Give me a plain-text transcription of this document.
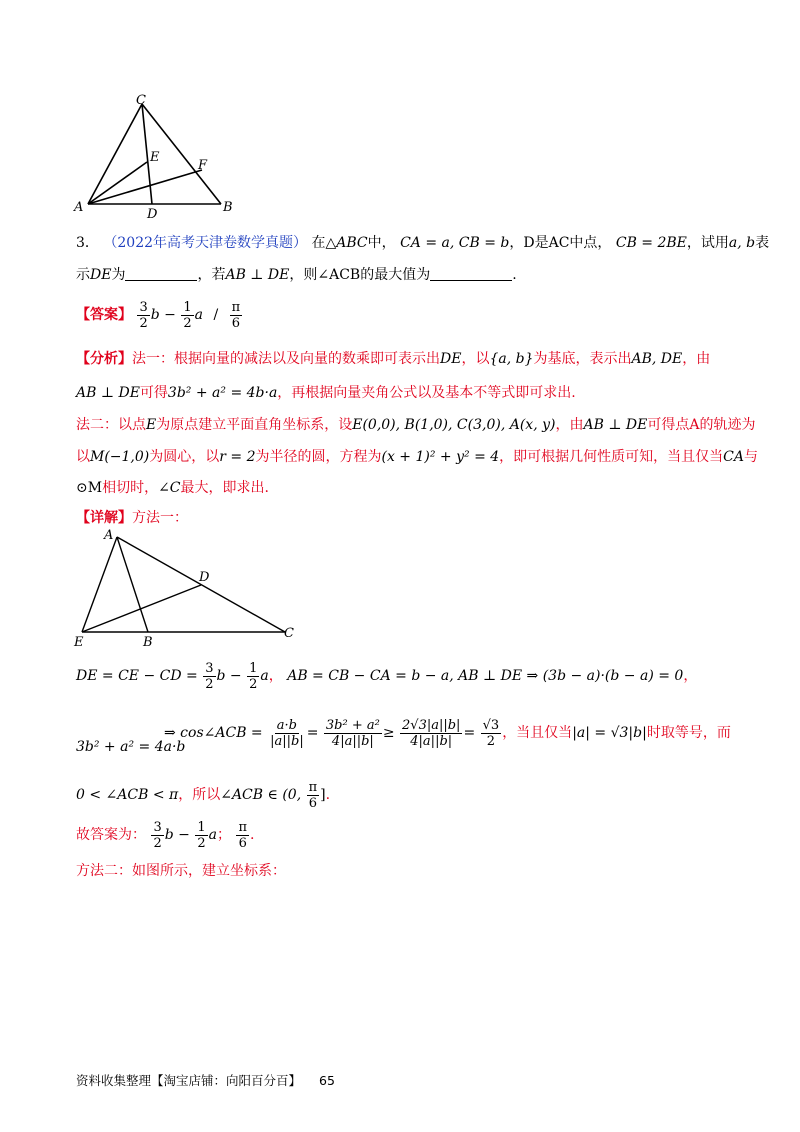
C
E
F
A	D	B
3． （2022年高考天津卷数学真题） 在△ABC中， CA = a, CB = b，D是AC中点， CB = 2BE，试用a, b表
示DE为	，若AB ⊥ DE，则∠ACB的最大值为	.
【答案】 $\frac{3}{2}$ $b - \frac{1}{2}$ a / $\frac{\pi}{6}$
【分析】法一：根据向量的减法以及向量的数乘即可表示出DE，以{a, b}为基底，表示出AB, DE，由
AB ⊥ DE可得3b² + a² = 4b·a，再根据向量夹角公式以及基本不等式即可求出.
法二：以点E为原点建立平面直角坐标系，设E(0,0), B(1,0), C(3,0), A(x, y)，由AB ⊥ DE可得点A的轨迹为
以M(−1,0)为圆心，以r = 2为半径的圆，方程为(x + 1)² + y² = 4，即可根据几何性质可知，当且仅当CA与
⊙M相切时，∠C最大，即求出.
【详解】方法一：
A
D
E	B
C
DE = CE − CD = $\frac{3}{2}$ $b - \frac{1}{2}$ a， AB = CB − CA = b − a, AB ⊥ DE ⇒ (3b − a)·(b − a) = 0，
3b² + a² = 4a·b
⇒ cos∠ACB = $\frac{a\cdot b}{|a||b|} = \frac{\text{3b² + a²}}{4|a||b|} \ge \frac{2√3|a||b|}{4|a||b|} = \frac{√3}{2}$ ，当且仅当|a| = √3|b|时取等号，而
0 < ∠ACB < π，所以∠ACB ∈ (0, $\frac{\pi}{6}$ ].
故答案为： $\frac{3}{2}$ $b - \frac{1}{2}$ a； $\frac{\pi}{6}$ .
方法二：如图所示，建立坐标系：
资料收集整理【淘宝店铺：向阳百分百】 65
